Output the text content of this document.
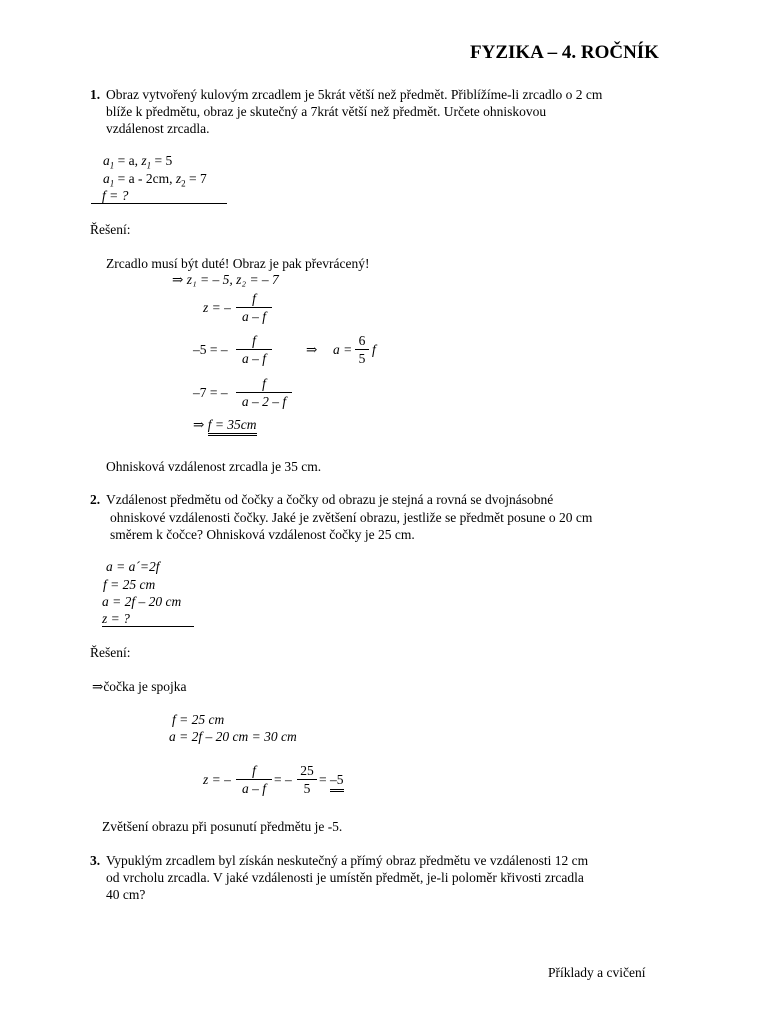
FYZIKA – 4. ROČNÍK
1. Obraz vytvořený kulovým zrcadlem je 5krát větší než předmět. Přiblížíme-li zrcadlo o 2 cm
blíže k předmětu, obraz je skutečný a 7krát větší než předmět. Určete ohniskovou
vzdálenost zrcadla.
$a_1 = a$, $z_1 = 5$
$a_1 = a - 2cm$, $z_2 = 7$
f = ?
Řešení:
Zrcadlo musí být duté! Obraz je pak převrácený!
⇒ z₁ = – 5, z₂ = – 7
z = –
f
a – f
–5 = –
f
a – f
⇒ a =
6
5
f
–7 = –
f
a – 2 – f
⇒ f = 35cm
Ohnisková vzdálenost zrcadla je 35 cm.
2. Vzdálenost předmětu od čočky a čočky od obrazu je stejná a rovná se dvojnásobné
ohniskové vzdálenosti čočky. Jaké je zvětšení obrazu, jestliže se předmět posune o 20 cm
směrem k čočce? Ohnisková vzdálenost čočky je 25 cm.
a = a´=2f
f = 25 cm
a = 2f – 20 cm
z = ?
Řešení:
⇒čočka je spojka
f = 25 cm
a = 2f – 20 cm = 30 cm
z = –
f
a – f
= –
25
5
= –5
Zvětšení obrazu při posunutí předmětu je -5.
3. Vypuklým zrcadlem byl získán neskutečný a přímý obraz předmětu ve vzdálenosti 12 cm
od vrcholu zrcadla. V jaké vzdálenosti je umístěn předmět, je-li poloměr křivosti zrcadla
40 cm?
Příklady a cvičení
